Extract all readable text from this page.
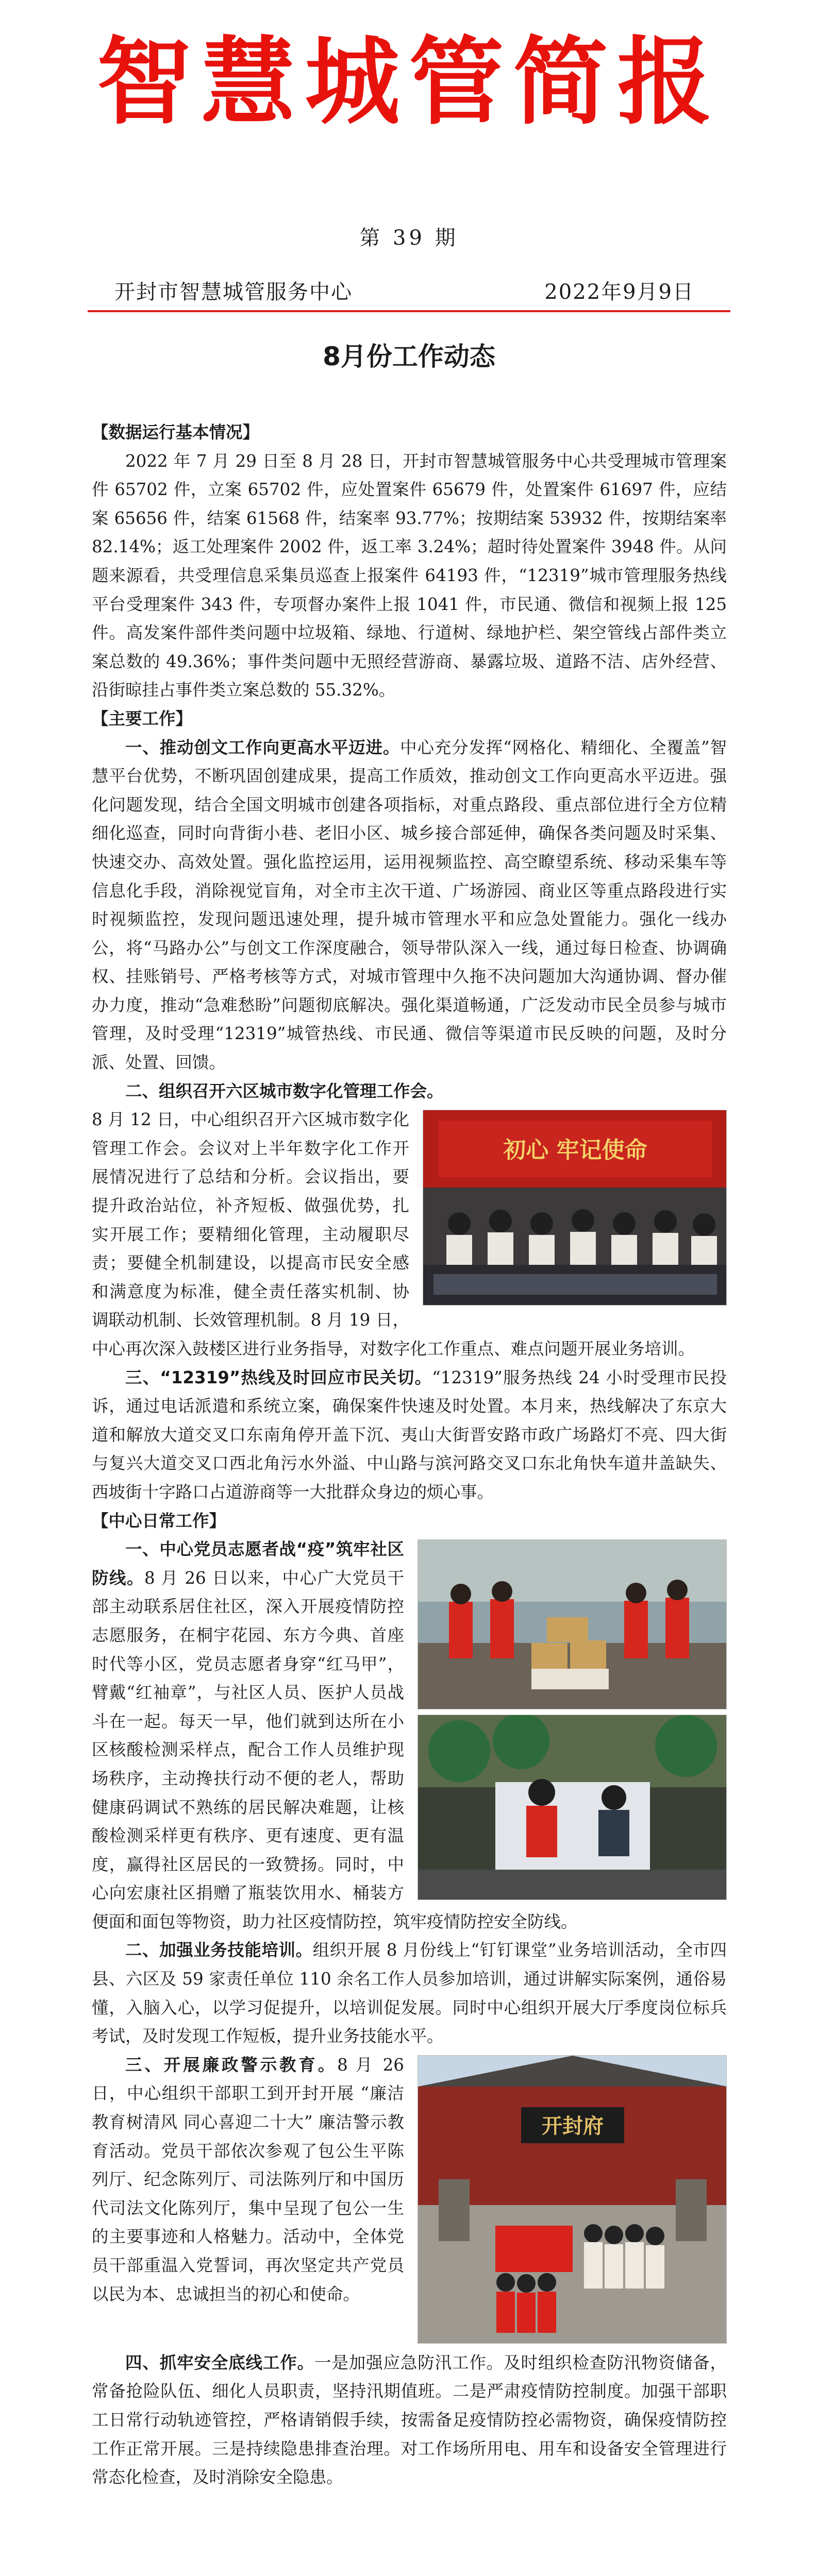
智慧城管简报
第 39 期
开封市智慧城管服务中心	2022年9月9日
8月份工作动态
【数据运行基本情况】

2022 年 7 月 29 日至 8 月 28 日，开封市智慧城管服务中心共受理城市管理案件 65702 件，立案 65702 件，应处置案件 65679 件，处置案件 61697 件，应结案 65656 件，结案 61568 件，结案率 93.77%；按期结案 53932 件，按期结案率 82.14%；返工处理案件 2002 件，返工率 3.24%；超时待处置案件 3948 件。从问题来源看，共受理信息采集员巡查上报案件 64193 件，“12319”城市管理服务热线平台受理案件 343 件，专项督办案件上报 1041 件，市民通、微信和视频上报 125 件。高发案件部件类问题中垃圾箱、绿地、行道树、绿地护栏、架空管线占部件类立案总数的 49.36%；事件类问题中无照经营游商、暴露垃圾、道路不洁、店外经营、沿街晾挂占事件类立案总数的 55.32%。

【主要工作】

一、推动创文工作向更高水平迈进。中心充分发挥“网格化、精细化、全覆盖”智慧平台优势，不断巩固创建成果，提高工作质效，推动创文工作向更高水平迈进。强化问题发现，结合全国文明城市创建各项指标，对重点路段、重点部位进行全方位精细化巡查，同时向背街小巷、老旧小区、城乡接合部延伸，确保各类问题及时采集、快速交办、高效处置。强化监控运用，运用视频监控、高空瞭望系统、移动采集车等信息化手段，消除视觉盲角，对全市主次干道、广场游园、商业区等重点路段进行实时视频监控，发现问题迅速处理，提升城市管理水平和应急处置能力。强化一线办公，将“马路办公”与创文工作深度融合，领导带队深入一线，通过每日检查、协调确权、挂账销号、严格考核等方式，对城市管理中久拖不决问题加大沟通协调、督办催办力度，推动“急难愁盼”问题彻底解决。强化渠道畅通，广泛发动市民全员参与城市管理，及时受理“12319”城管热线、市民通、微信等渠道市民反映的问题，及时分派、处置、回馈。

二、组织召开六区城市数字化管理工作会。

初心 牢记使命

8 月 12 日，中心组织召开六区城市数字化管理工作会。会议对上半年数字化工作开展情况进行了总结和分析。会议指出，要提升政治站位，补齐短板、做强优势，扎实开展工作；要精细化管理，主动履职尽责；要健全机制建设，以提高市民安全感和满意度为标准，健全责任落实机制、协调联动机制、长效管理机制。8 月 19 日，中心再次深入鼓楼区进行业务指导，对数字化工作重点、难点问题开展业务培训。

三、“12319”热线及时回应市民关切。“12319”服务热线 24 小时受理市民投诉，通过电话派遣和系统立案，确保案件快速及时处置。本月来，热线解决了东京大道和解放大道交叉口东南角停开盖下沉、夷山大街晋安路市政广场路灯不亮、四大街与复兴大道交叉口西北角污水外溢、中山路与滨河路交叉口东北角快车道井盖缺失、西坡街十字路口占道游商等一大批群众身边的烦心事。

【中心日常工作】

一、中心党员志愿者战“疫”筑牢社区防线。8 月 26 日以来，中心广大党员干部主动联系居住社区，深入开展疫情防控志愿服务，在桐宇花园、东方今典、首座时代等小区，党员志愿者身穿“红马甲”，臂戴“红袖章”，与社区人员、医护人员战斗在一起。每天一早，他们就到达所在小区核酸检测采样点，配合工作人员维护现场秩序，主动搀扶行动不便的老人，帮助健康码调试不熟练的居民解决难题，让核酸检测采样更有秩序、更有速度、更有温度，赢得社区居民的一致赞扬。同时，中心向宏康社区捐赠了瓶装饮用水、桶装方便面和面包等物资，助力社区疫情防控，筑牢疫情防控安全防线。

二、加强业务技能培训。组织开展 8 月份线上“钉钉课堂”业务培训活动，全市四县、六区及 59 家责任单位 110 余名工作人员参加培训，通过讲解实际案例，通俗易懂，入脑入心，以学习促提升，以培训促发展。同时中心组织开展大厅季度岗位标兵考试，及时发现工作短板，提升业务技能水平。

开封府

三、开展廉政警示教育。8 月 26 日，中心组织干部职工到开封开展 “廉洁教育树清风 同心喜迎二十大” 廉洁警示教育活动。党员干部依次参观了包公生平陈列厅、纪念陈列厅、司法陈列厅和中国历代司法文化陈列厅，集中呈现了包公一生的主要事迹和人格魅力。活动中，全体党员干部重温入党誓词，再次坚定共产党员以民为本、忠诚担当的初心和使命。

四、抓牢安全底线工作。一是加强应急防汛工作。及时组织检查防汛物资储备，常备抢险队伍、细化人员职责，坚持汛期值班。二是严肃疫情防控制度。加强干部职工日常行动轨迹管控，严格请销假手续，按需备足疫情防控必需物资，确保疫情防控工作正常开展。三是持续隐患排查治理。对工作场所用电、用车和设备安全管理进行常态化检查，及时消除安全隐患。
